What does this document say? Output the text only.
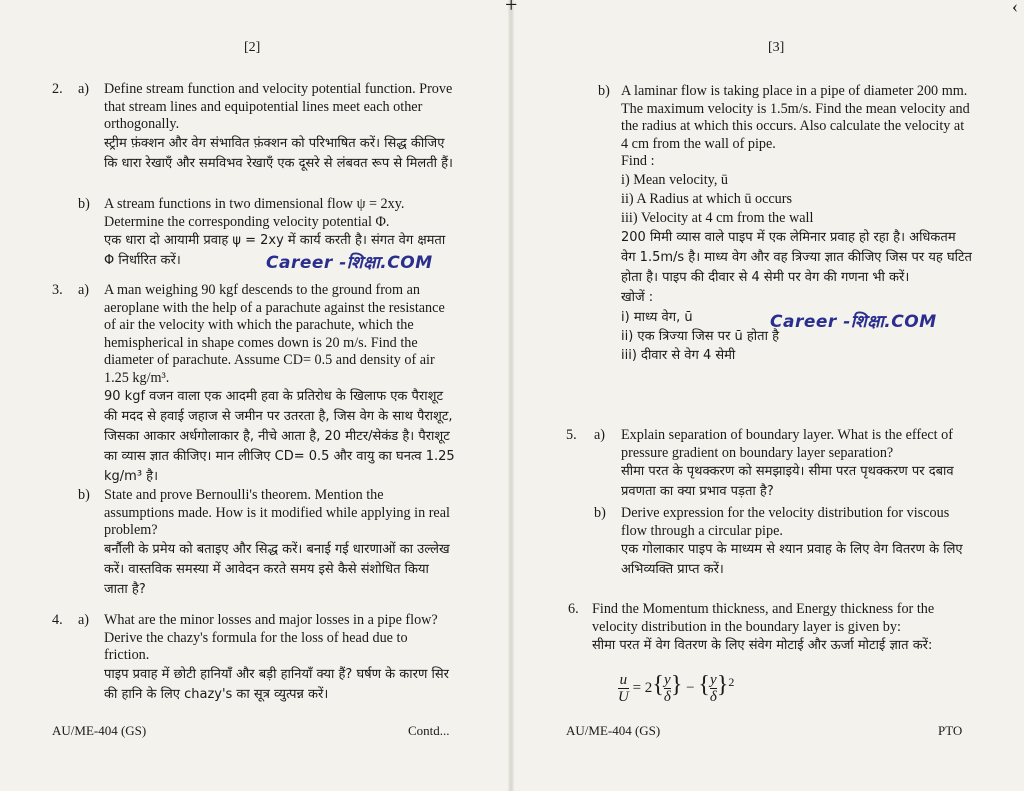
+	‹
[2]
2. a) Define stream function and velocity potential function. Prove that stream lines and equipotential lines meet each other orthogonally.
स्ट्रीम फ़ंक्शन और वेग संभावित फ़ंक्शन को परिभाषित करें। सिद्ध कीजिए कि धारा रेखाएँ और समविभव रेखाएँ एक दूसरे से लंबवत रूप से मिलती हैं।
b) A stream functions in two dimensional flow ψ = 2xy. Determine the corresponding velocity potential Φ.
एक धारा दो आयामी प्रवाह ψ = 2xy में कार्य करती है। संगत वेग क्षमता Φ निर्धारित करें।	Career -शिक्षा.COM
3. a) A man weighing 90 kgf descends to the ground from an aeroplane with the help of a parachute against the resistance of air the velocity with which the parachute, which the hemispherical in shape comes down is 20 m/s. Find the diameter of parachute. Assume CD= 0.5 and density of air 1.25 kg/m³.
90 kgf वजन वाला एक आदमी हवा के प्रतिरोध के खिलाफ एक पैराशूट की मदद से हवाई जहाज से जमीन पर उतरता है, जिस वेग के साथ पैराशूट, जिसका आकार अर्धगोलाकार है, नीचे आता है, 20 मीटर/सेकंड है। पैराशूट का व्यास ज्ञात कीजिए। मान लीजिए CD= 0.5 और वायु का घनत्व 1.25 kg/m³ है।
b) State and prove Bernoulli's theorem. Mention the assumptions made. How is it modified while applying in real problem?
बर्नौली के प्रमेय को बताइए और सिद्ध करें। बनाई गई धारणाओं का उल्लेख करें। वास्तविक समस्या में आवेदन करते समय इसे कैसे संशोधित किया जाता है?
4. a) What are the minor losses and major losses in a pipe flow? Derive the chazy's formula for the loss of head due to friction.
पाइप प्रवाह में छोटी हानियाँ और बड़ी हानियाँ क्या हैं? घर्षण के कारण सिर की हानि के लिए chazy's का सूत्र व्युत्पन्न करें।
AU/ME-404 (GS)	Contd...
[3]
b) A laminar flow is taking place in a pipe of diameter 200 mm. The maximum velocity is 1.5m/s. Find the mean velocity and the radius at which this occurs. Also calculate the velocity at 4 cm from the wall of pipe.
Find :
i) Mean velocity, ū
ii) A Radius at which ū occurs
iii) Velocity at 4 cm from the wall
200 मिमी व्यास वाले पाइप में एक लेमिनार प्रवाह हो रहा है। अधिकतम वेग 1.5m/s है। माध्य वेग और वह त्रिज्या ज्ञात कीजिए जिस पर यह घटित होता है। पाइप की दीवार से 4 सेमी पर वेग की गणना भी करें।
खोजें :
i) माध्य वेग, ū
ii) एक त्रिज्या जिस पर ū होता है
iii) दीवार से वेग 4 सेमी
Career -शिक्षा.COM
5. a) Explain separation of boundary layer. What is the effect of pressure gradient on boundary layer separation?
सीमा परत के पृथक्करण को समझाइये। सीमा परत पृथक्करण पर दबाव प्रवणता का क्या प्रभाव पड़ता है?
b) Derive expression for the velocity distribution for viscous flow through a circular pipe.
एक गोलाकार पाइप के माध्यम से श्यान प्रवाह के लिए वेग वितरण के लिए अभिव्यक्ति प्राप्त करें।
6. Find the Momentum thickness, and Energy thickness for the velocity distribution in the boundary layer is given by:
सीमा परत में वेग वितरण के लिए संवेग मोटाई और ऊर्जा मोटाई ज्ञात करें:
$\frac{u}{U} = 2\{ \frac{y}{\delta}$ } − { $\frac{y}{\delta} \}^2$
AU/ME-404 (GS)	PTO
